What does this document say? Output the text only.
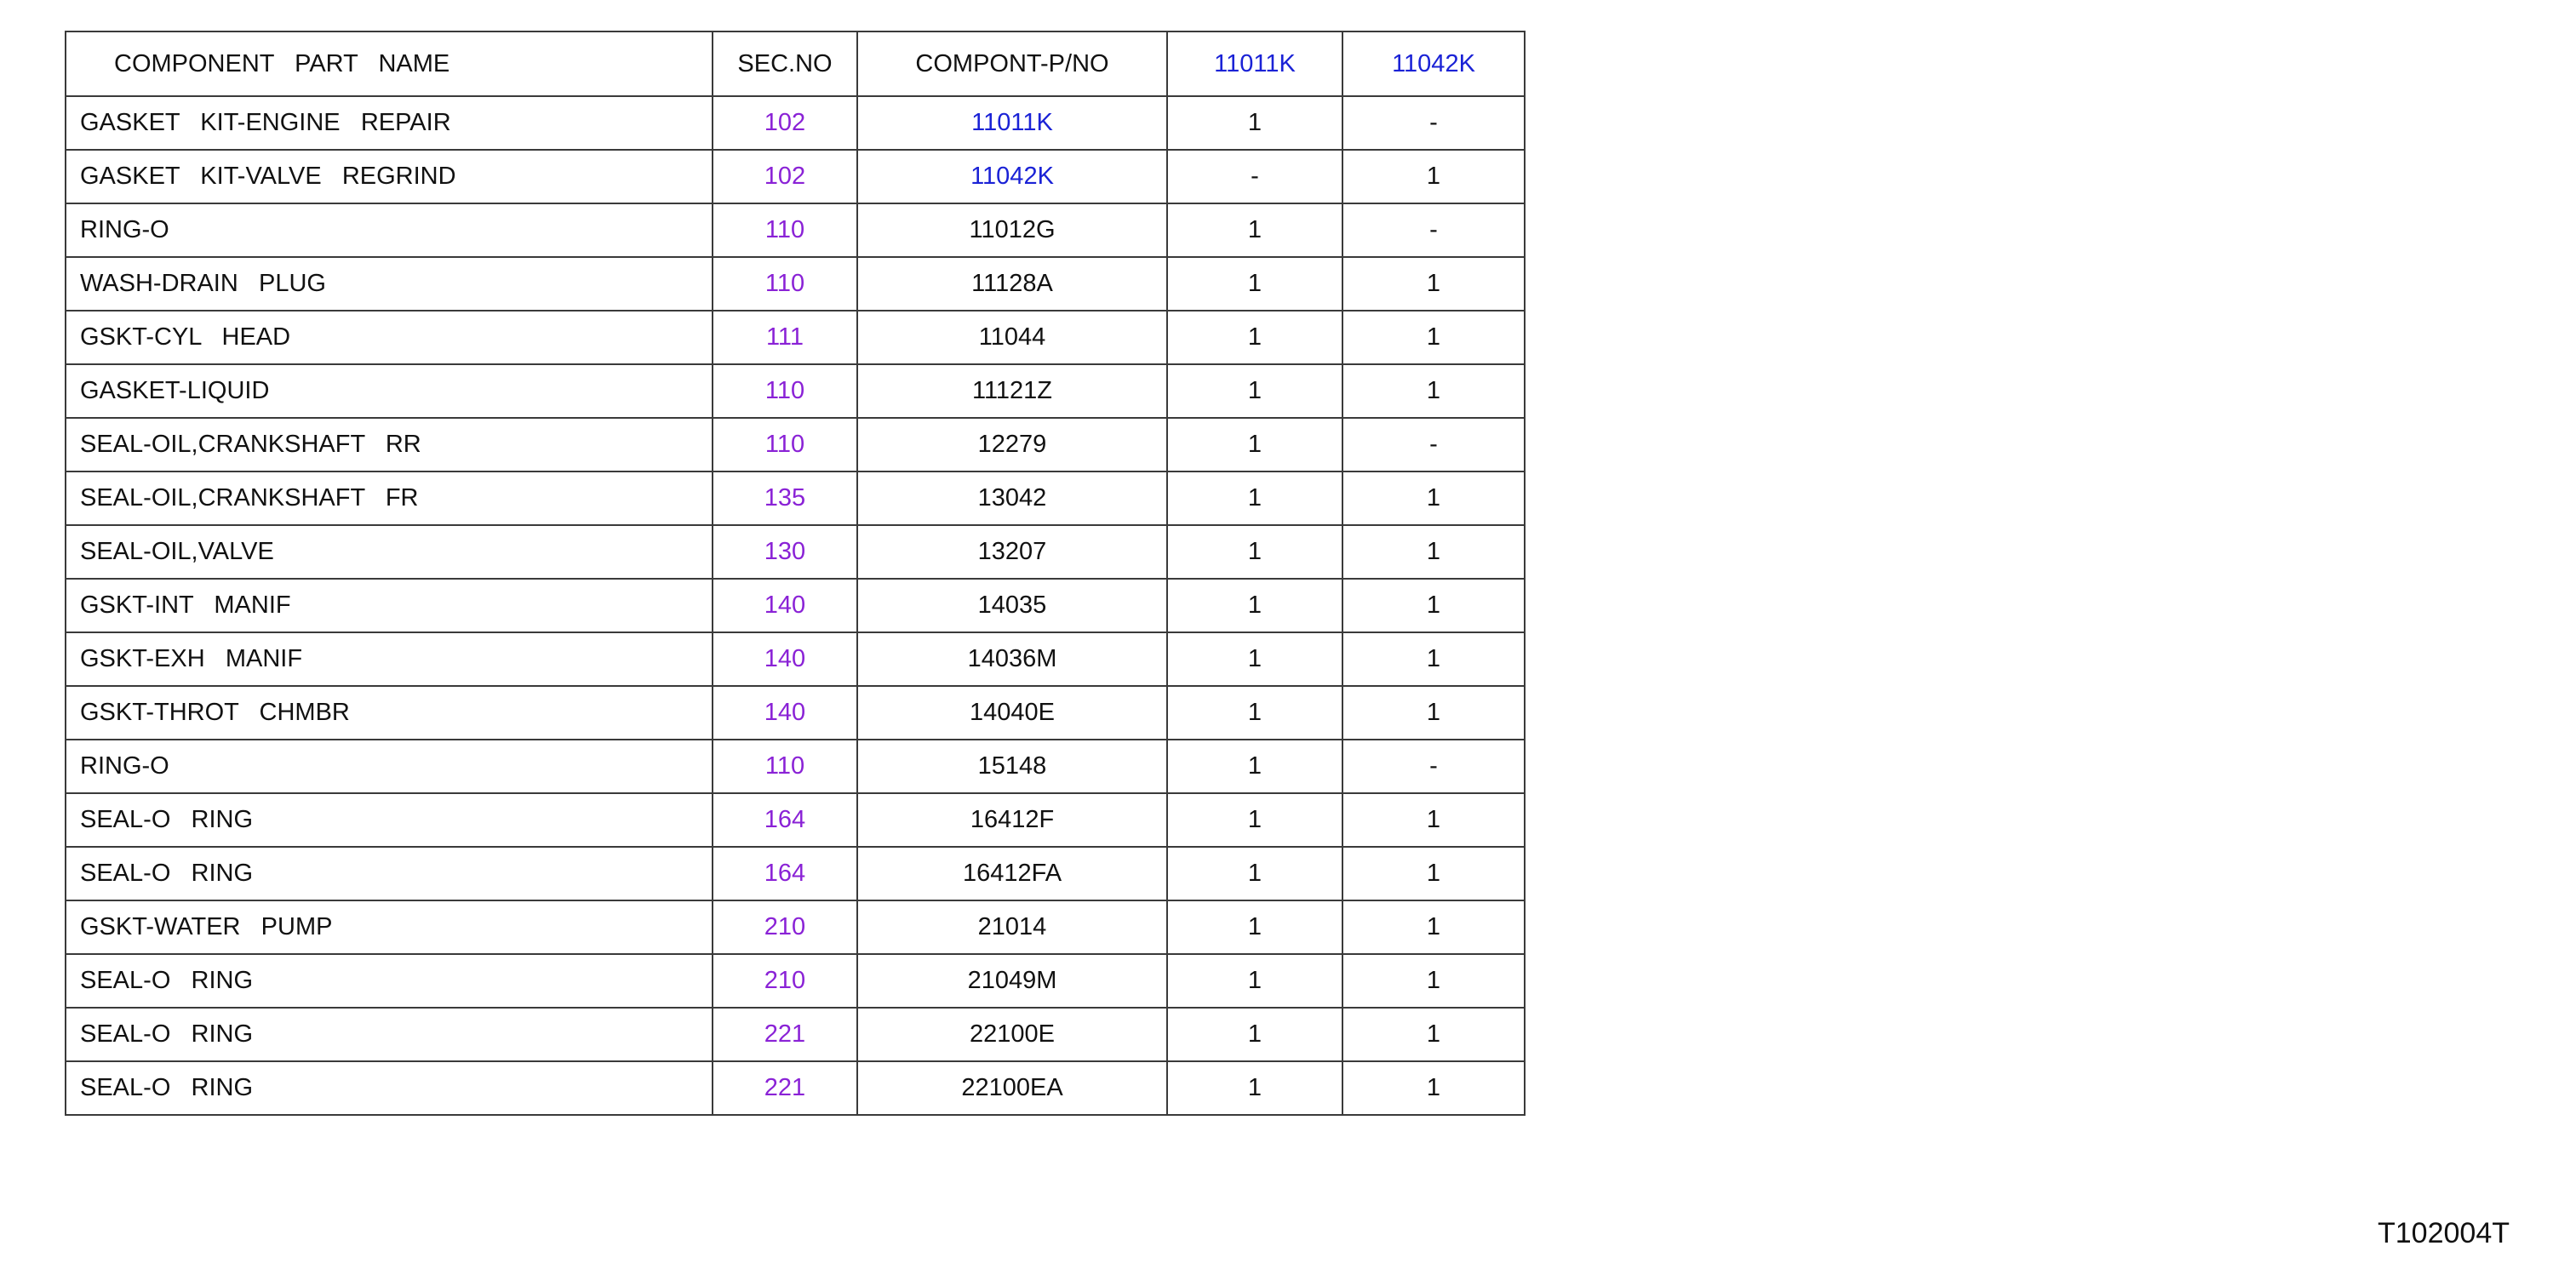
COMPONENT   PART   NAME	SEC.NO	COMPONT-P/NO	11011K	11042K
GASKET   KIT-ENGINE   REPAIR	102	11011K	1	-
GASKET   KIT-VALVE   REGRIND	102	11042K	-	1
RING-O	110	11012G	1	-
WASH-DRAIN   PLUG	110	11128A	1	1
GSKT-CYL   HEAD	111	11044	1	1
GASKET-LIQUID	110	11121Z	1	1
SEAL-OIL,CRANKSHAFT   RR	110	12279	1	-
SEAL-OIL,CRANKSHAFT   FR	135	13042	1	1
SEAL-OIL,VALVE	130	13207	1	1
GSKT-INT   MANIF	140	14035	1	1
GSKT-EXH   MANIF	140	14036M	1	1
GSKT-THROT   CHMBR	140	14040E	1	1
RING-O	110	15148	1	-
SEAL-O   RING	164	16412F	1	1
SEAL-O   RING	164	16412FA	1	1
GSKT-WATER   PUMP	210	21014	1	1
SEAL-O   RING	210	21049M	1	1
SEAL-O   RING	221	22100E	1	1
SEAL-O   RING	221	22100EA	1	1
T102004T
